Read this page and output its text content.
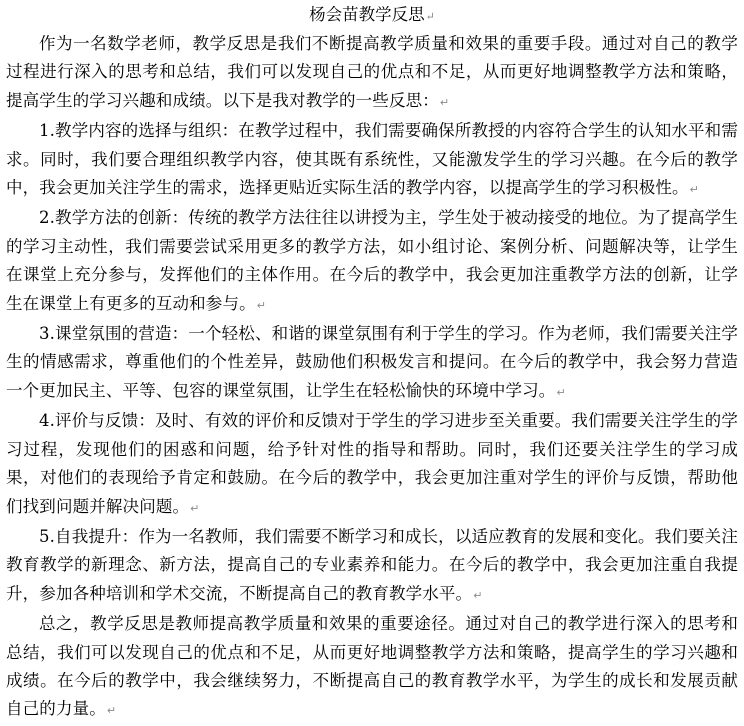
杨会苗教学反思↵

作为一名数学老师，教学反思是我们不断提高教学质量和效果的重要手段。通过对自己的教学过程进行深入的思考和总结，我们可以发现自己的优点和不足，从而更好地调整教学方法和策略，提高学生的学习兴趣和成绩。以下是我对教学的一些反思：↵

1.教学内容的选择与组织：在教学过程中，我们需要确保所教授的内容符合学生的认知水平和需求。同时，我们要合理组织教学内容，使其既有系统性，又能激发学生的学习兴趣。在今后的教学中，我会更加关注学生的需求，选择更贴近实际生活的教学内容，以提高学生的学习积极性。↵

2.教学方法的创新：传统的教学方法往往以讲授为主，学生处于被动接受的地位。为了提高学生的学习主动性，我们需要尝试采用更多的教学方法，如小组讨论、案例分析、问题解决等，让学生在课堂上充分参与，发挥他们的主体作用。在今后的教学中，我会更加注重教学方法的创新，让学生在课堂上有更多的互动和参与。↵

3.课堂氛围的营造：一个轻松、和谐的课堂氛围有利于学生的学习。作为老师，我们需要关注学生的情感需求，尊重他们的个性差异，鼓励他们积极发言和提问。在今后的教学中，我会努力营造一个更加民主、平等、包容的课堂氛围，让学生在轻松愉快的环境中学习。↵

4.评价与反馈：及时、有效的评价和反馈对于学生的学习进步至关重要。我们需要关注学生的学习过程，发现他们的困惑和问题，给予针对性的指导和帮助。同时，我们还要关注学生的学习成果，对他们的表现给予肯定和鼓励。在今后的教学中，我会更加注重对学生的评价与反馈，帮助他们找到问题并解决问题。↵

5.自我提升：作为一名教师，我们需要不断学习和成长，以适应教育的发展和变化。我们要关注教育教学的新理念、新方法，提高自己的专业素养和能力。在今后的教学中，我会更加注重自我提升，参加各种培训和学术交流，不断提高自己的教育教学水平。↵

总之，教学反思是教师提高教学质量和效果的重要途径。通过对自己的教学进行深入的思考和总结，我们可以发现自己的优点和不足，从而更好地调整教学方法和策略，提高学生的学习兴趣和成绩。在今后的教学中，我会继续努力，不断提高自己的教育教学水平，为学生的成长和发展贡献自己的力量。↵
